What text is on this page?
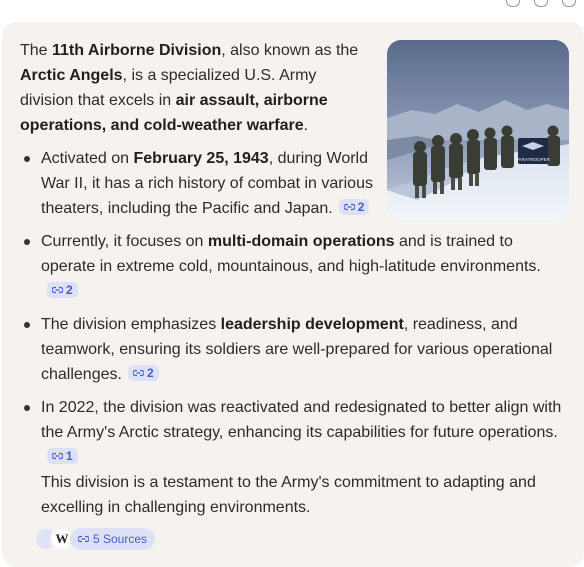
PARATROOPER

The 11th Airborne Division, also known as the Arctic Angels, is a specialized U.S. Army division that excels in air assault, airborne operations, and cold-weather warfare.

Activated on February 25, 1943, during World War II, it has a rich history of combat in various theaters, including the Pacific and Japan. 2
Currently, it focuses on multi-domain operations and is trained to operate in extreme cold, mountainous, and high-latitude environments.
2
The division emphasizes leadership development, readiness, and teamwork, ensuring its soldiers are well-prepared for various operational challenges. 2
In 2022, the division was reactivated and redesignated to better align with the Army's Arctic strategy, enhancing its capabilities for future operations.
1

This division is a testament to the Army's commitment to adapting and excelling in challenging environments.
W	5 Sources
